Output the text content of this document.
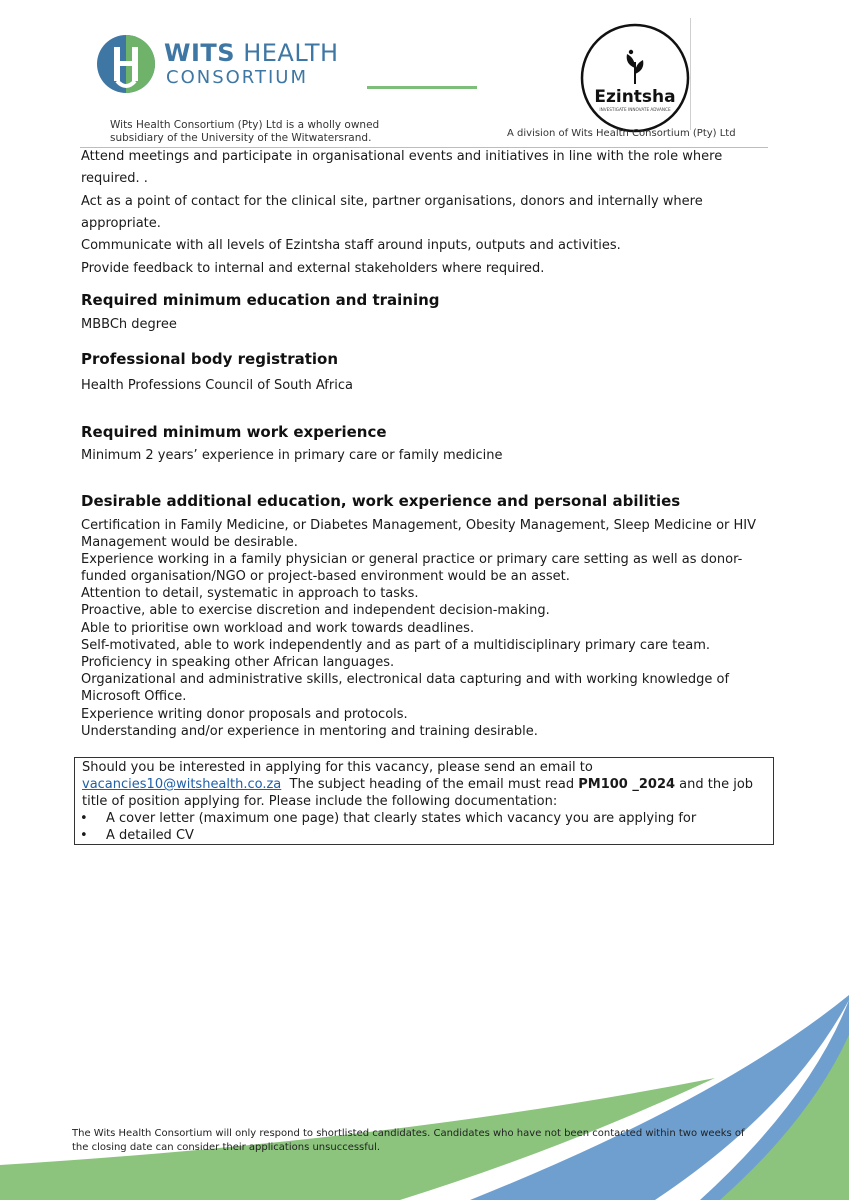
WITS HEALTH
CONSORTIUM
Ezintsha
INVESTIGATE INNOVATE ADVANCE
Wits Health Consortium (Pty) Ltd is a wholly owned subsidiary of the University of the Witwatersrand.	A division of Wits Health Consortium (Pty) Ltd
Attend meetings and participate in organisational events and initiatives in line with the role where
required. .
Act as a point of contact for the clinical site, partner organisations, donors and internally where
appropriate.
Communicate with all levels of Ezintsha staff around inputs, outputs and activities.
Provide feedback to internal and external stakeholders where required.
Required minimum education and training
MBBCh degree
Professional body registration
Health Professions Council of South Africa
Required minimum work experience
Minimum 2 years’ experience in primary care or family medicine
Desirable additional education, work experience and personal abilities
Certification in Family Medicine, or Diabetes Management, Obesity Management, Sleep Medicine or HIV
Management would be desirable.
Experience working in a family physician or general practice or primary care setting as well as donor-
funded organisation/NGO or project-based environment would be an asset.
Attention to detail, systematic in approach to tasks.
Proactive, able to exercise discretion and independent decision-making.
Able to prioritise own workload and work towards deadlines.
Self-motivated, able to work independently and as part of a multidisciplinary primary care team.
Proficiency in speaking other African languages.
Organizational and administrative skills, electronical data capturing and with working knowledge of
Microsoft Office.
Experience writing donor proposals and protocols.
Understanding and/or experience in mentoring and training desirable.
Should you be interested in applying for this vacancy, please send an email to
vacancies10@witshealth.co.za  The subject heading of the email must read PM100 _2024 and the job
title of position applying for. Please include the following documentation:
• A cover letter (maximum one page) that clearly states which vacancy you are applying for
• A detailed CV
The Wits Health Consortium will only respond to shortlisted candidates. Candidates who have not been contacted within two weeks of the closing date can consider their applications unsuccessful.
